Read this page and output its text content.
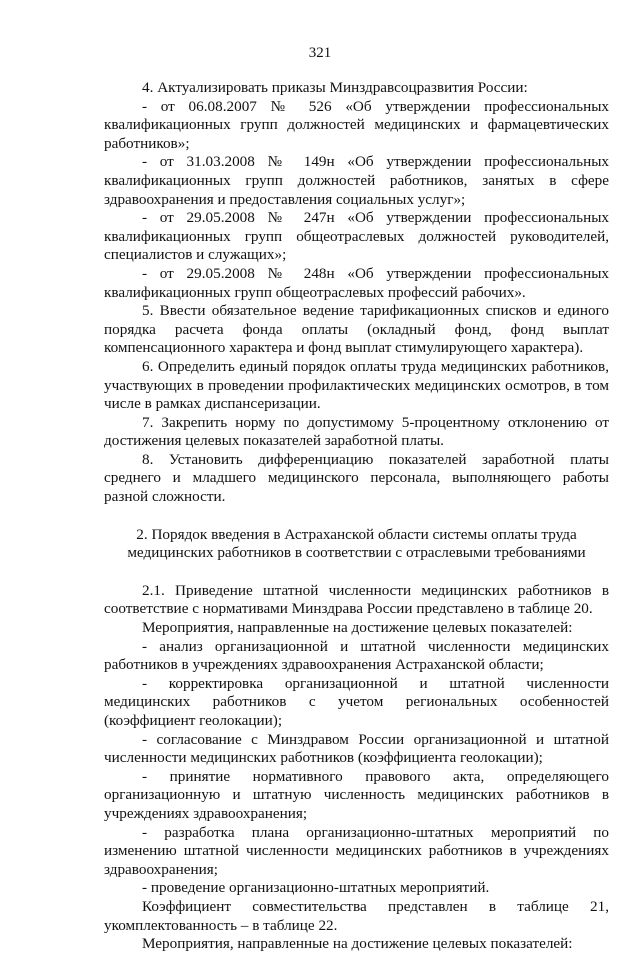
321

4. Актуализировать приказы Минздравсоцразвития России:

- от 06.08.2007 № 526 «Об утверждении профессиональных квалификационных групп должностей медицинских и фармацевтических работников»;

- от 31.03.2008 № 149н «Об утверждении профессиональных квалификационных групп должностей работников, занятых в сфере здравоохранения и предоставления социальных услуг»;

- от 29.05.2008 № 247н «Об утверждении профессиональных квалификационных групп общеотраслевых должностей руководителей, специалистов и служащих»;

- от 29.05.2008 № 248н «Об утверждении профессиональных квалификационных групп общеотраслевых профессий рабочих».

5. Ввести обязательное ведение тарификационных списков и единого порядка расчета фонда оплаты (окладный фонд, фонд выплат компенсационного характера и фонд выплат стимулирующего характера).

6. Определить единый порядок оплаты труда медицинских работников, участвующих в проведении профилактических медицинских осмотров, в том числе в рамках диспансеризации.

7. Закрепить норму по допустимому 5-процентному отклонению от достижения целевых показателей заработной платы.

8. Установить дифференциацию показателей заработной платы среднего и младшего медицинского персонала, выполняющего работы разной сложности.

2. Порядок введения в Астраханской области системы оплаты труда медицинских работников в соответствии с отраслевыми требованиями

2.1. Приведение штатной численности медицинских работников в соответствие с нормативами Минздрава России представлено в таблице 20.

Мероприятия, направленные на достижение целевых показателей:

- анализ организационной и штатной численности медицинских работников в учреждениях здравоохранения Астраханской области;

- корректировка организационной и штатной численности медицинских работников с учетом региональных особенностей (коэффициент геолокации);

- согласование с Минздравом России организационной и штатной численности медицинских работников (коэффициента геолокации);

- принятие нормативного правового акта, определяющего организационную и штатную численность медицинских работников в учреждениях здравоохранения;

- разработка плана организационно-штатных мероприятий по изменению штатной численности медицинских работников в учреждениях здравоохранения;

- проведение организационно-штатных мероприятий.

Коэффициент совместительства представлен в таблице 21, укомплектованность – в таблице 22.

Мероприятия, направленные на достижение целевых показателей:
